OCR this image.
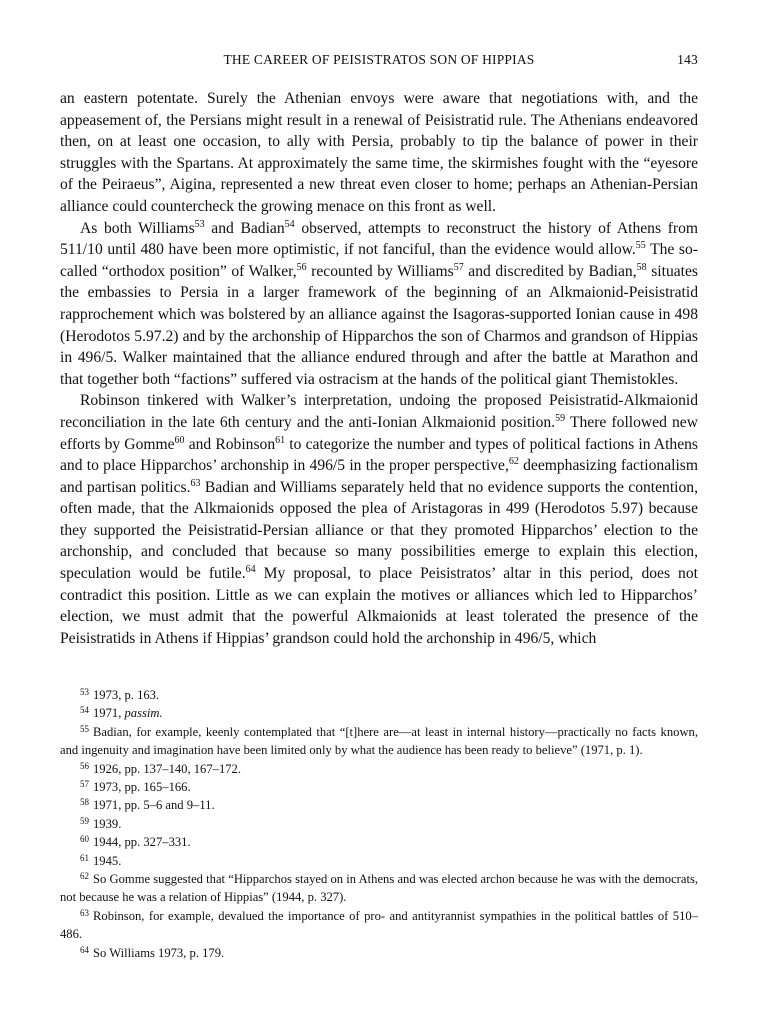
THE CAREER OF PEISISTRATOS SON OF HIPPIAS	143

an eastern potentate. Surely the Athenian envoys were aware that negotiations with, and the appeasement of, the Persians might result in a renewal of Peisistratid rule. The Athenians endeavored then, on at least one occasion, to ally with Persia, probably to tip the balance of power in their struggles with the Spartans. At approximately the same time, the skirmishes fought with the “eyesore of the Peiraeus”, Aigina, represented a new threat even closer to home; perhaps an Athenian-Persian alliance could countercheck the growing menace on this front as well.

As both Williams$^{53}$ and Badian$^{54}$ observed, attempts to reconstruct the history of Athens from 511/10 until 480 have been more optimistic, if not fanciful, than the evidence would allow.$^{55}$ The so-called “orthodox position” of Walker,$^{56}$ recounted by Williams$^{57}$ and discredited by Badian,$^{58}$ situates the embassies to Persia in a larger framework of the beginning of an Alkmaionid-Peisistratid rapprochement which was bolstered by an alliance against the Isagoras-supported Ionian cause in 498 (Herodotos 5.97.2) and by the archonship of Hipparchos the son of Charmos and grandson of Hippias in 496/5. Walker maintained that the alliance endured through and after the battle at Marathon and that together both “factions” suffered via ostracism at the hands of the political giant Themistokles.

Robinson tinkered with Walker’s interpretation, undoing the proposed Peisistratid-Alkmaionid reconciliation in the late 6th century and the anti-Ionian Alkmaionid position.$^{59}$ There followed new efforts by Gomme$^{60}$ and Robinson$^{61}$ to categorize the number and types of political factions in Athens and to place Hipparchos’ archonship in 496/5 in the proper perspective,$^{62}$ deemphasizing factionalism and partisan politics.$^{63}$ Badian and Williams separately held that no evidence supports the contention, often made, that the Alkmaionids opposed the plea of Aristagoras in 499 (Herodotos 5.97) because they supported the Peisistratid-Persian alliance or that they promoted Hipparchos’ election to the archonship, and concluded that because so many possibilities emerge to explain this election, speculation would be futile.$^{64}$ My proposal, to place Peisistratos’ altar in this period, does not contradict this position. Little as we can explain the motives or alliances which led to Hipparchos’ election, we must admit that the powerful Alkmaionids at least tolerated the presence of the Peisistratids in Athens if Hippias’ grandson could hold the archonship in 496/5, which

$^{53}$ 1973, p. 163.

$^{54}$ 1971, passim.

$^{55}$ Badian, for example, keenly contemplated that “[t]here are—at least in internal history—practically no facts known, and ingenuity and imagination have been limited only by what the audience has been ready to believe” (1971, p. 1).

$^{56}$ 1926, pp. 137–140, 167–172.

$^{57}$ 1973, pp. 165–166.

$^{58}$ 1971, pp. 5–6 and 9–11.

$^{59}$ 1939.

$^{60}$ 1944, pp. 327–331.

$^{61}$ 1945.

$^{62}$ So Gomme suggested that “Hipparchos stayed on in Athens and was elected archon because he was with the democrats, not because he was a relation of Hippias” (1944, p. 327).

$^{63}$ Robinson, for example, devalued the importance of pro- and antityrannist sympathies in the political battles of 510–486.

$^{64}$ So Williams 1973, p. 179.
